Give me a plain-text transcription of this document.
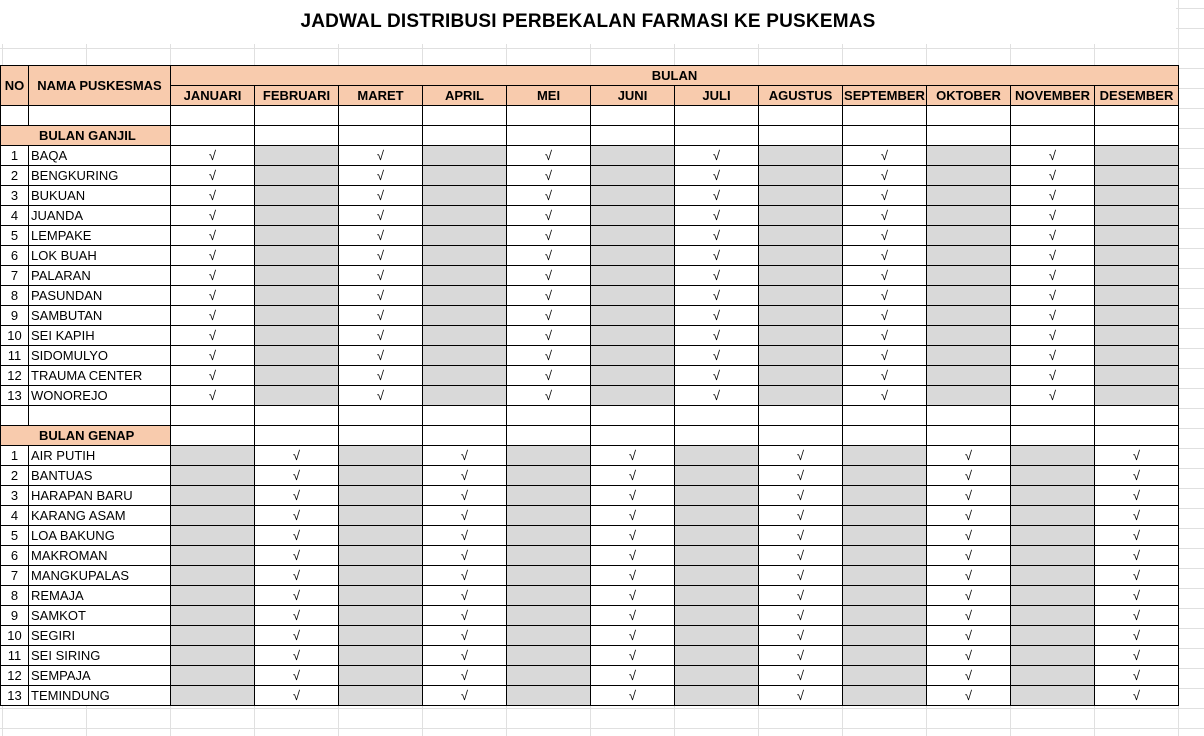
JADWAL DISTRIBUSI PERBEKALAN FARMASI KE PUSKEMAS
NO	NAMA PUSKESMAS	BULAN											
		JANUARI	FEBRUARI	MARET	APRIL	MEI	JUNI	JULI	AGUSTUS	SEPTEMBER	OKTOBER	NOVEMBER	DESEMBER

BULAN GANJIL													
1	BAQA	√		√		√		√		√		√	
2	BENGKURING	√		√		√		√		√		√	
3	BUKUAN	√		√		√		√		√		√	
4	JUANDA	√		√		√		√		√		√	
5	LEMPAKE	√		√		√		√		√		√	
6	LOK BUAH	√		√		√		√		√		√	
7	PALARAN	√		√		√		√		√		√	
8	PASUNDAN	√		√		√		√		√		√	
9	SAMBUTAN	√		√		√		√		√		√	
10	SEI KAPIH	√		√		√		√		√		√	
11	SIDOMULYO	√		√		√		√		√		√	
12	TRAUMA CENTER	√		√		√		√		√		√	
13	WONOREJO	√		√		√		√		√		√	

BULAN GENAP													
1	AIR PUTIH		√		√		√		√		√		√
2	BANTUAS		√		√		√		√		√		√
3	HARAPAN BARU		√		√		√		√		√		√
4	KARANG ASAM		√		√		√		√		√		√
5	LOA BAKUNG		√		√		√		√		√		√
6	MAKROMAN		√		√		√		√		√		√
7	MANGKUPALAS		√		√		√		√		√		√
8	REMAJA		√		√		√		√		√		√
9	SAMKOT		√		√		√		√		√		√
10	SEGIRI		√		√		√		√		√		√
11	SEI SIRING		√		√		√		√		√		√
12	SEMPAJA		√		√		√		√		√		√
13	TEMINDUNG		√		√		√		√		√		√
